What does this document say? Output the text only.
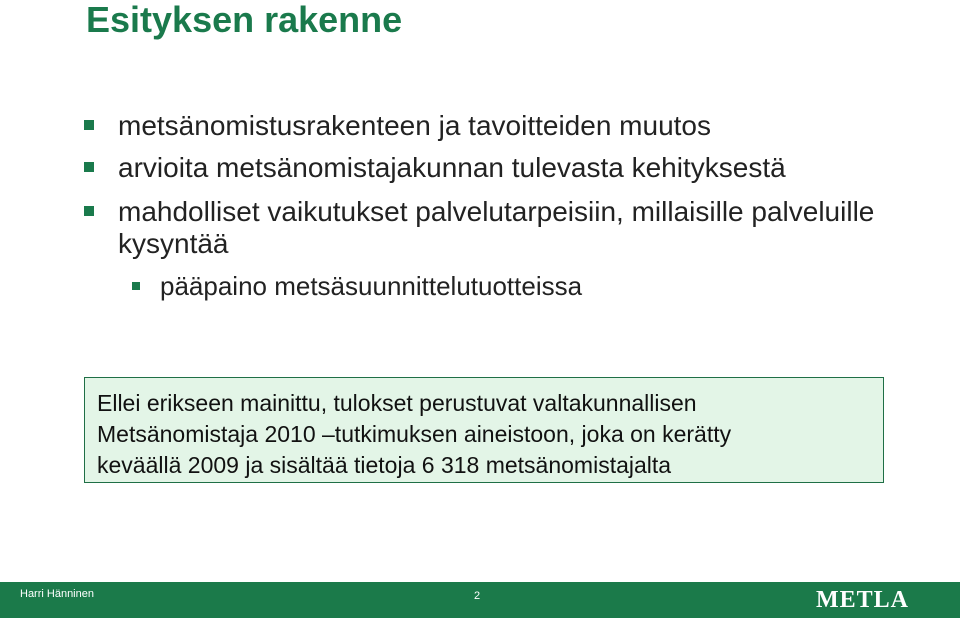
Esityksen rakenne
metsänomistusrakenteen ja tavoitteiden muutos
arvioita metsänomistajakunnan tulevasta kehityksestä
mahdolliset vaikutukset palvelutarpeisiin, millaisille palveluille kysyntää
pääpaino metsäsuunnittelutuotteissa
Ellei erikseen mainittu, tulokset perustuvat valtakunnallisen
Metsänomistaja 2010 –tutkimuksen aineistoon, joka on kerätty
keväällä 2009 ja sisältää tietoja 6 318 metsänomistajalta
Harri Hänninen	2	METLA
